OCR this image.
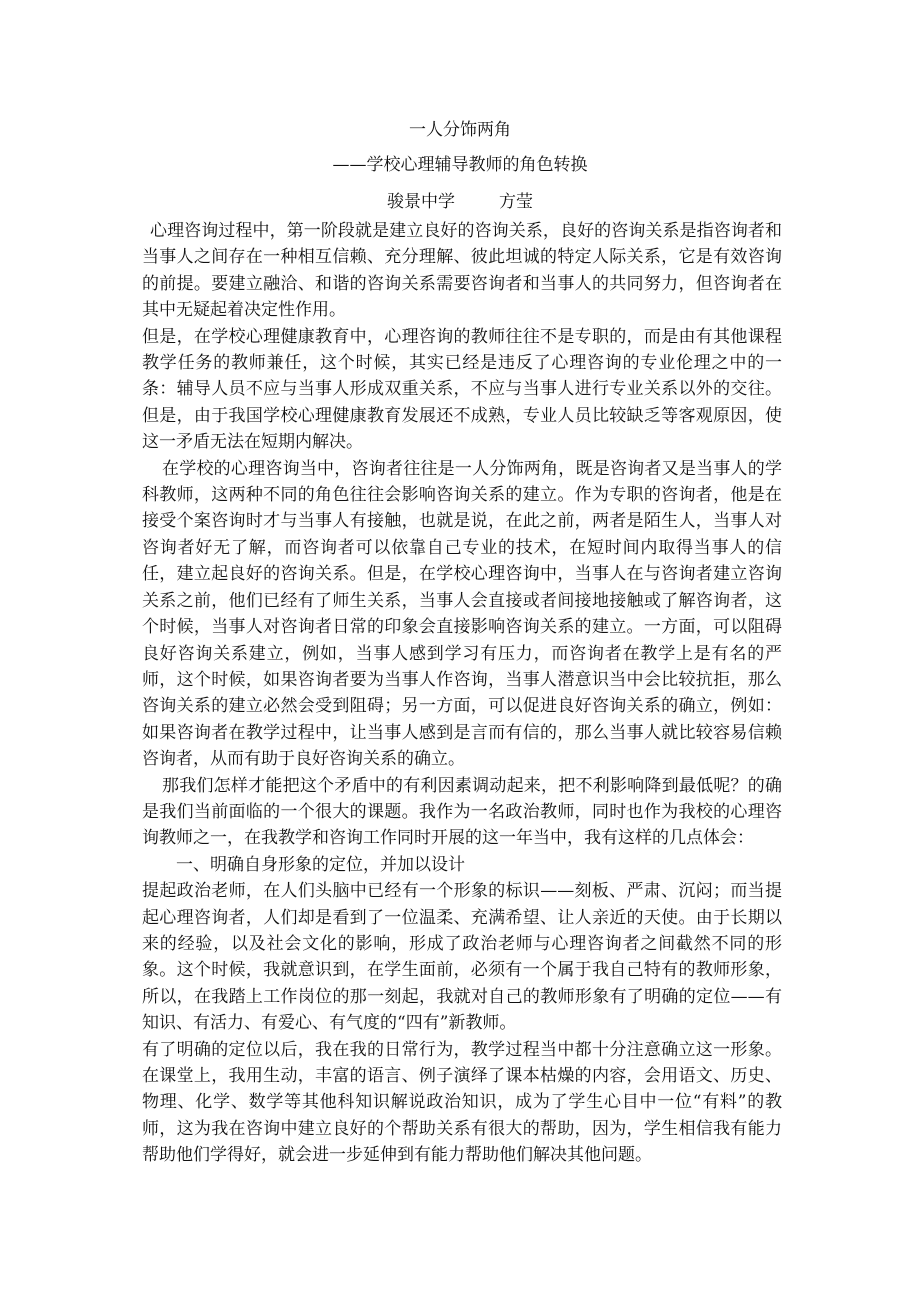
一人分饰两角
——学校心理辅导教师的角色转换
骏景中学	方莹

心理咨询过程中，第一阶段就是建立良好的咨询关系，良好的咨询关系是指咨询者和当事人之间存在一种相互信赖、充分理解、彼此坦诚的特定人际关系，它是有效咨询的前提。要建立融洽、和谐的咨询关系需要咨询者和当事人的共同努力，但咨询者在其中无疑起着决定性作用。

但是，在学校心理健康教育中，心理咨询的教师往往不是专职的，而是由有其他课程教学任务的教师兼任，这个时候，其实已经是违反了心理咨询的专业伦理之中的一条：辅导人员不应与当事人形成双重关系，不应与当事人进行专业关系以外的交往。但是，由于我国学校心理健康教育发展还不成熟，专业人员比较缺乏等客观原因，使这一矛盾无法在短期内解决。

在学校的心理咨询当中，咨询者往往是一人分饰两角，既是咨询者又是当事人的学科教师，这两种不同的角色往往会影响咨询关系的建立。作为专职的咨询者，他是在接受个案咨询时才与当事人有接触，也就是说，在此之前，两者是陌生人，当事人对咨询者好无了解，而咨询者可以依靠自己专业的技术，在短时间内取得当事人的信任，建立起良好的咨询关系。但是，在学校心理咨询中，当事人在与咨询者建立咨询关系之前，他们已经有了师生关系，当事人会直接或者间接地接触或了解咨询者，这个时候，当事人对咨询者日常的印象会直接影响咨询关系的建立。一方面，可以阻碍良好咨询关系建立，例如，当事人感到学习有压力，而咨询者在教学上是有名的严师，这个时候，如果咨询者要为当事人作咨询，当事人潜意识当中会比较抗拒，那么咨询关系的建立必然会受到阻碍；另一方面，可以促进良好咨询关系的确立，例如：如果咨询者在教学过程中，让当事人感到是言而有信的，那么当事人就比较容易信赖咨询者，从而有助于良好咨询关系的确立。

那我们怎样才能把这个矛盾中的有利因素调动起来，把不利影响降到最低呢？的确是我们当前面临的一个很大的课题。我作为一名政治教师，同时也作为我校的心理咨询教师之一，在我教学和咨询工作同时开展的这一年当中，我有这样的几点体会：

一、明确自身形象的定位，并加以设计

提起政治老师，在人们头脑中已经有一个形象的标识——刻板、严肃、沉闷；而当提起心理咨询者，人们却是看到了一位温柔、充满希望、让人亲近的天使。由于长期以来的经验，以及社会文化的影响，形成了政治老师与心理咨询者之间截然不同的形象。这个时候，我就意识到，在学生面前，必须有一个属于我自己特有的教师形象，所以，在我踏上工作岗位的那一刻起，我就对自己的教师形象有了明确的定位——有知识、有活力、有爱心、有气度的“四有”新教师。

有了明确的定位以后，我在我的日常行为，教学过程当中都十分注意确立这一形象。在课堂上，我用生动，丰富的语言、例子演绎了课本枯燥的内容，会用语文、历史、物理、化学、数学等其他科知识解说政治知识，成为了学生心目中一位“有料”的教师，这为我在咨询中建立良好的个帮助关系有很大的帮助，因为，学生相信我有能力帮助他们学得好，就会进一步延伸到有能力帮助他们解决其他问题。
